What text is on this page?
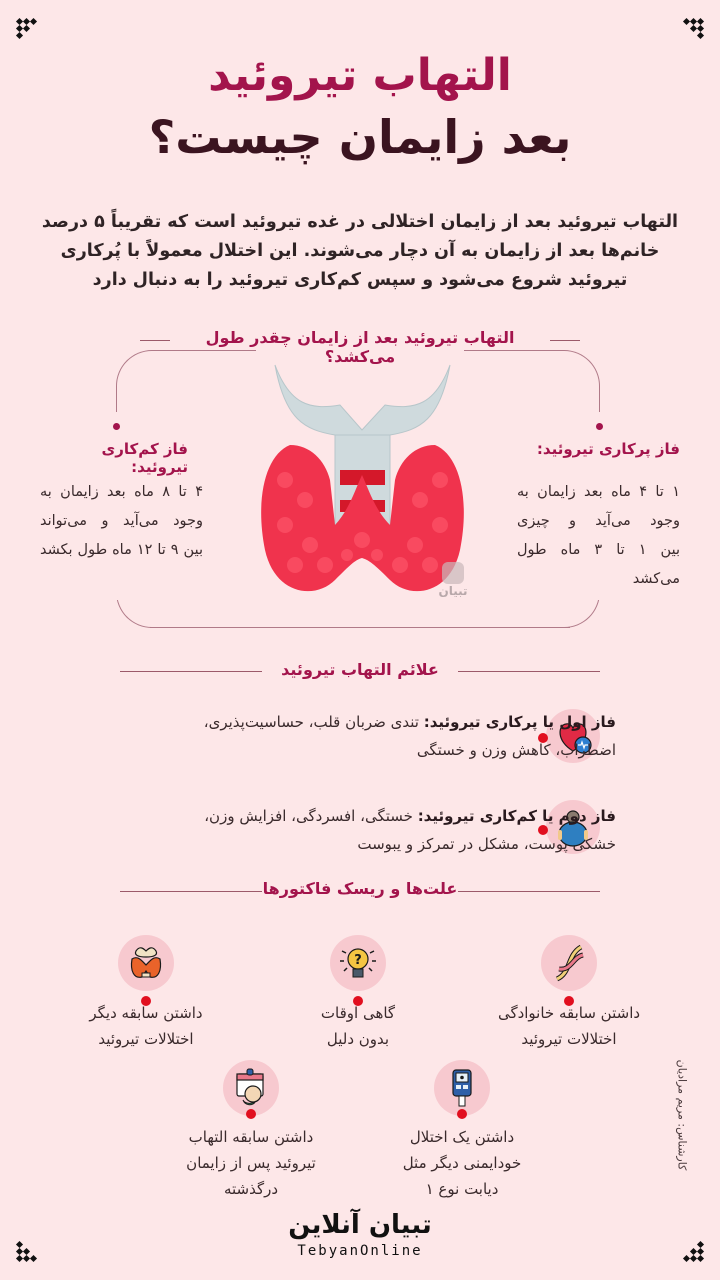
التهاب تیروئید
بعد زایمان چیست؟
التهاب تیروئید بعد از زایمان اختلالی در غده تیروئید است که تقریباً ۵ درصد
خانم‌ها بعد از زایمان به آن دچار می‌شوند. این اختلال معمولاً با پُرکاری
تیروئید شروع می‌شود و سپس کم‌کاری تیروئید را به دنبال دارد
التهاب تیروئید بعد از زایمان چقدر طول می‌کشد؟
فاز کم‌کاری تیروئید:
۴ تا ۸ ماه بعد زایمان به
وجود می‌آید و می‌تواند
بین ۹ تا ۱۲ ماه طول بکشد
فاز پرکاری تیروئید:
۱ تا ۴ ماه بعد زایمان به
وجود می‌آید و چیزی
بین ۱ تا ۳ ماه طول می‌کشد
تبیان
علائم التهاب تیروئید
فاز اول یا پرکاری تیروئید: تندی ضربان قلب، حساسیت‌پذیری،
اضطراب، کاهش وزن و خستگی
فاز دوم یا کم‌کاری تیروئید: خستگی، افسردگی، افزایش وزن،
خشکی پوست، مشکل در تمرکز و یبوست
علت‌ها و ریسک فاکتورها
داشتن سابقه خانوادگی
اختلالات تیروئید
?
گاهی اوقات
بدون دلیل
داشتن سابقه دیگر
اختلالات تیروئید
داشتن یک اختلال
خودایمنی دیگر مثل
دیابت نوع ۱
داشتن سابقه التهاب
تیروئید پس از زایمان
درگذشته
کارشناس: مریم مرادیان
تبیان آنلاین
TebyanOnline
